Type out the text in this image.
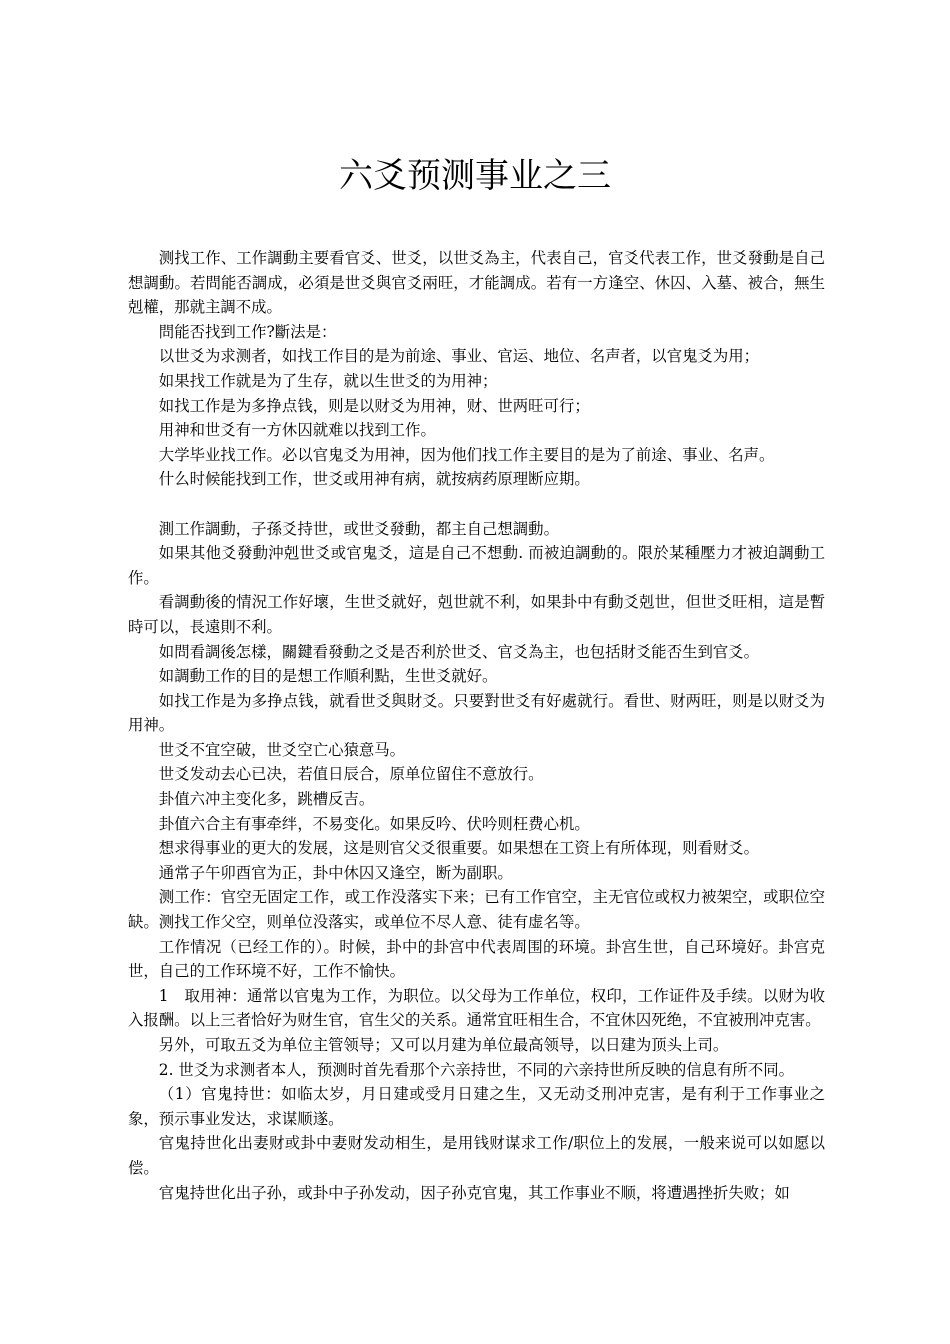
六爻预测事业之三

测找工作、工作調動主要看官爻、世爻，以世爻為主，代表自己，官爻代表工作，世爻發動是自己想調動。若問能否調成，必須是世爻與官爻兩旺，才能調成。若有一方逢空、休囚、入墓、被合，無生剋權，那就主調不成。

問能否找到工作?斷法是：

以世爻为求测者，如找工作目的是为前途、事业、官运、地位、名声者，以官鬼爻为用；

如果找工作就是为了生存，就以生世爻的为用神；

如找工作是为多挣点钱，则是以财爻为用神，财、世两旺可行；

用神和世爻有一方休囚就难以找到工作。

大学毕业找工作。必以官鬼爻为用神，因为他们找工作主要目的是为了前途、事业、名声。

什么时候能找到工作，世爻或用神有病，就按病药原理断应期。

測工作調動，子孫爻持世，或世爻發動，都主自己想調動。

如果其他爻發動沖剋世爻或官鬼爻，這是自己不想動. 而被迫調動的。限於某種壓力才被迫調動工作。

看調動後的情況工作好壞，生世爻就好，剋世就不利，如果卦中有動爻剋世，但世爻旺相，這是暫時可以，長遠則不利。

如問看調後怎樣，關鍵看發動之爻是否利於世爻、官爻為主，也包括財爻能否生到官爻。

如調動工作的目的是想工作順利點，生世爻就好。

如找工作是为多挣点钱，就看世爻與財爻。只要對世爻有好處就行。看世、财两旺，则是以财爻为用神。

世爻不宜空破，世爻空亡心猿意马。

世爻发动去心已决，若值日辰合，原单位留住不意放行。

卦值六冲主变化多，跳槽反吉。

卦值六合主有事牵绊，不易变化。如果反吟、伏吟则枉费心机。

想求得事业的更大的发展，这是则官父爻很重要。如果想在工资上有所体现，则看财爻。

通常子午卯酉官为正，卦中休囚又逢空，断为副职。

测工作：官空无固定工作，或工作没落实下来；已有工作官空，主无官位或权力被架空，或职位空缺。测找工作父空，则单位没落实，或单位不尽人意、徒有虚名等。

工作情况（已经工作的）。时候，卦中的卦宫中代表周围的环境。卦宫生世，自己环境好。卦宫克世，自己的工作环境不好，工作不愉快。

1　取用神：通常以官鬼为工作，为职位。以父母为工作单位，权印，工作证件及手续。以财为收入报酬。以上三者恰好为财生官，官生父的关系。通常宜旺相生合，不宜休囚死绝，不宜被刑冲克害。

另外，可取五爻为单位主管领导；又可以月建为单位最高领导，以日建为顶头上司。

2. 世爻为求测者本人，预测时首先看那个六亲持世，不同的六亲持世所反映的信息有所不同。

（1）官鬼持世：如临太岁，月日建或受月日建之生，又无动爻刑冲克害，是有利于工作事业之象，预示事业发达，求谋顺遂。

官鬼持世化出妻财或卦中妻财发动相生，是用钱财谋求工作/职位上的发展，一般来说可以如愿以偿。

官鬼持世化出子孙，或卦中子孙发动，因子孙克官鬼，其工作事业不顺，将遭遇挫折失败；如
